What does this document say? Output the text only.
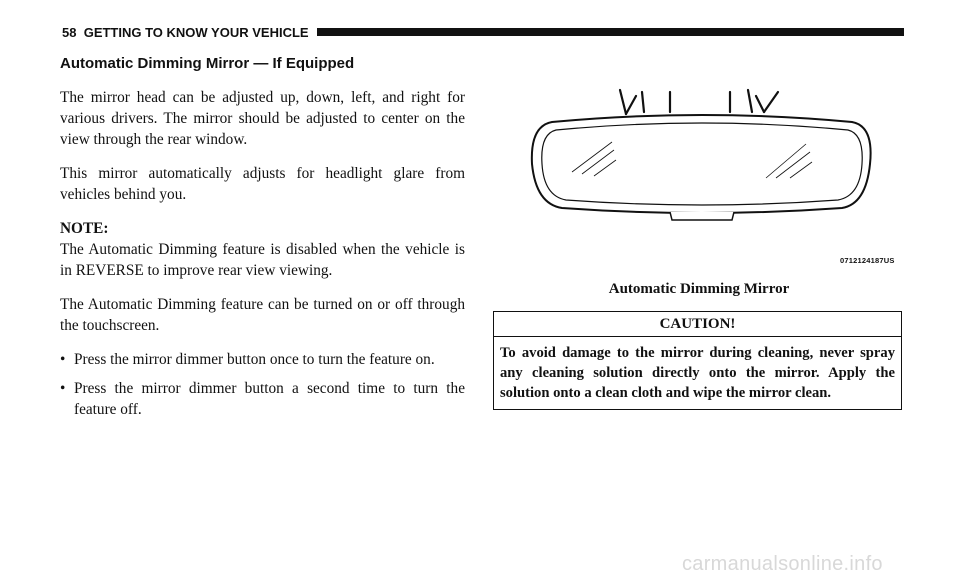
58 GETTING TO KNOW YOUR VEHICLE
Automatic Dimming Mirror — If Equipped

The mirror head can be adjusted up, down, left, and right for various drivers. The mirror should be adjusted to center on the view through the rear window.

This mirror automatically adjusts for headlight glare from vehicles behind you.

NOTE:

The Automatic Dimming feature is disabled when the vehicle is in REVERSE to improve rear view viewing.

The Automatic Dimming feature can be turned on or off through the touchscreen.

• Press the mirror dimmer button once to turn the feature on.
• Press the mirror dimmer button a second time to turn the feature off.
0712124187US
Automatic Dimming Mirror
CAUTION!
To avoid damage to the mirror during cleaning, never spray any cleaning solution directly onto the mirror. Apply the solution onto a clean cloth and wipe the mirror clean.
carmanualsonline.info
